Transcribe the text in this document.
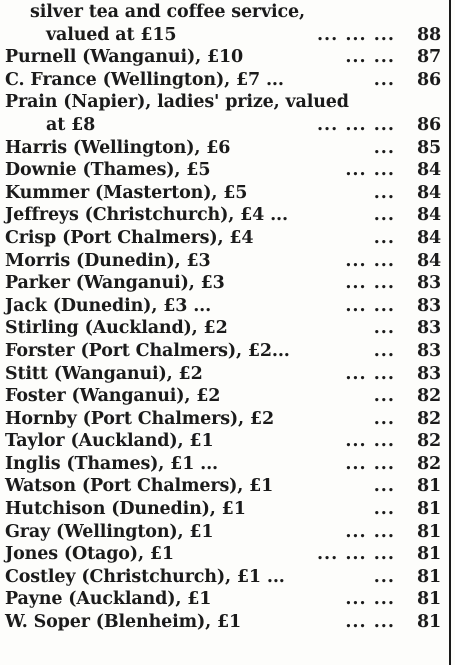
silver tea and coffee service,
valued at £15	... ... ...	88
Purnell (Wanganui), £10	... ...	87
C. France (Wellington), £7 ...	...	86
Prain (Napier), ladies' prize, valued
at £8	... ... ...	86
Harris (Wellington), £6	...	85
Downie (Thames), £5	... ...	84
Kummer (Masterton), £5	...	84
Jeffreys (Christchurch), £4 ...	...	84
Crisp (Port Chalmers), £4	...	84
Morris (Dunedin), £3	... ...	84
Parker (Wanganui), £3	... ...	83
Jack (Dunedin), £3 ...	... ...	83
Stirling (Auckland), £2	...	83
Forster (Port Chalmers), £2...	...	83
Stitt (Wanganui), £2	... ...	83
Foster (Wanganui), £2	...	82
Hornby (Port Chalmers), £2	...	82
Taylor (Auckland), £1	... ...	82
Inglis (Thames), £1 ...	... ...	82
Watson (Port Chalmers), £1	...	81
Hutchison (Dunedin), £1	...	81
Gray (Wellington), £1	... ...	81
Jones (Otago), £1	... ... ...	81
Costley (Christchurch), £1 ...	...	81
Payne (Auckland), £1	... ...	81
W. Soper (Blenheim), £1	... ...	81
